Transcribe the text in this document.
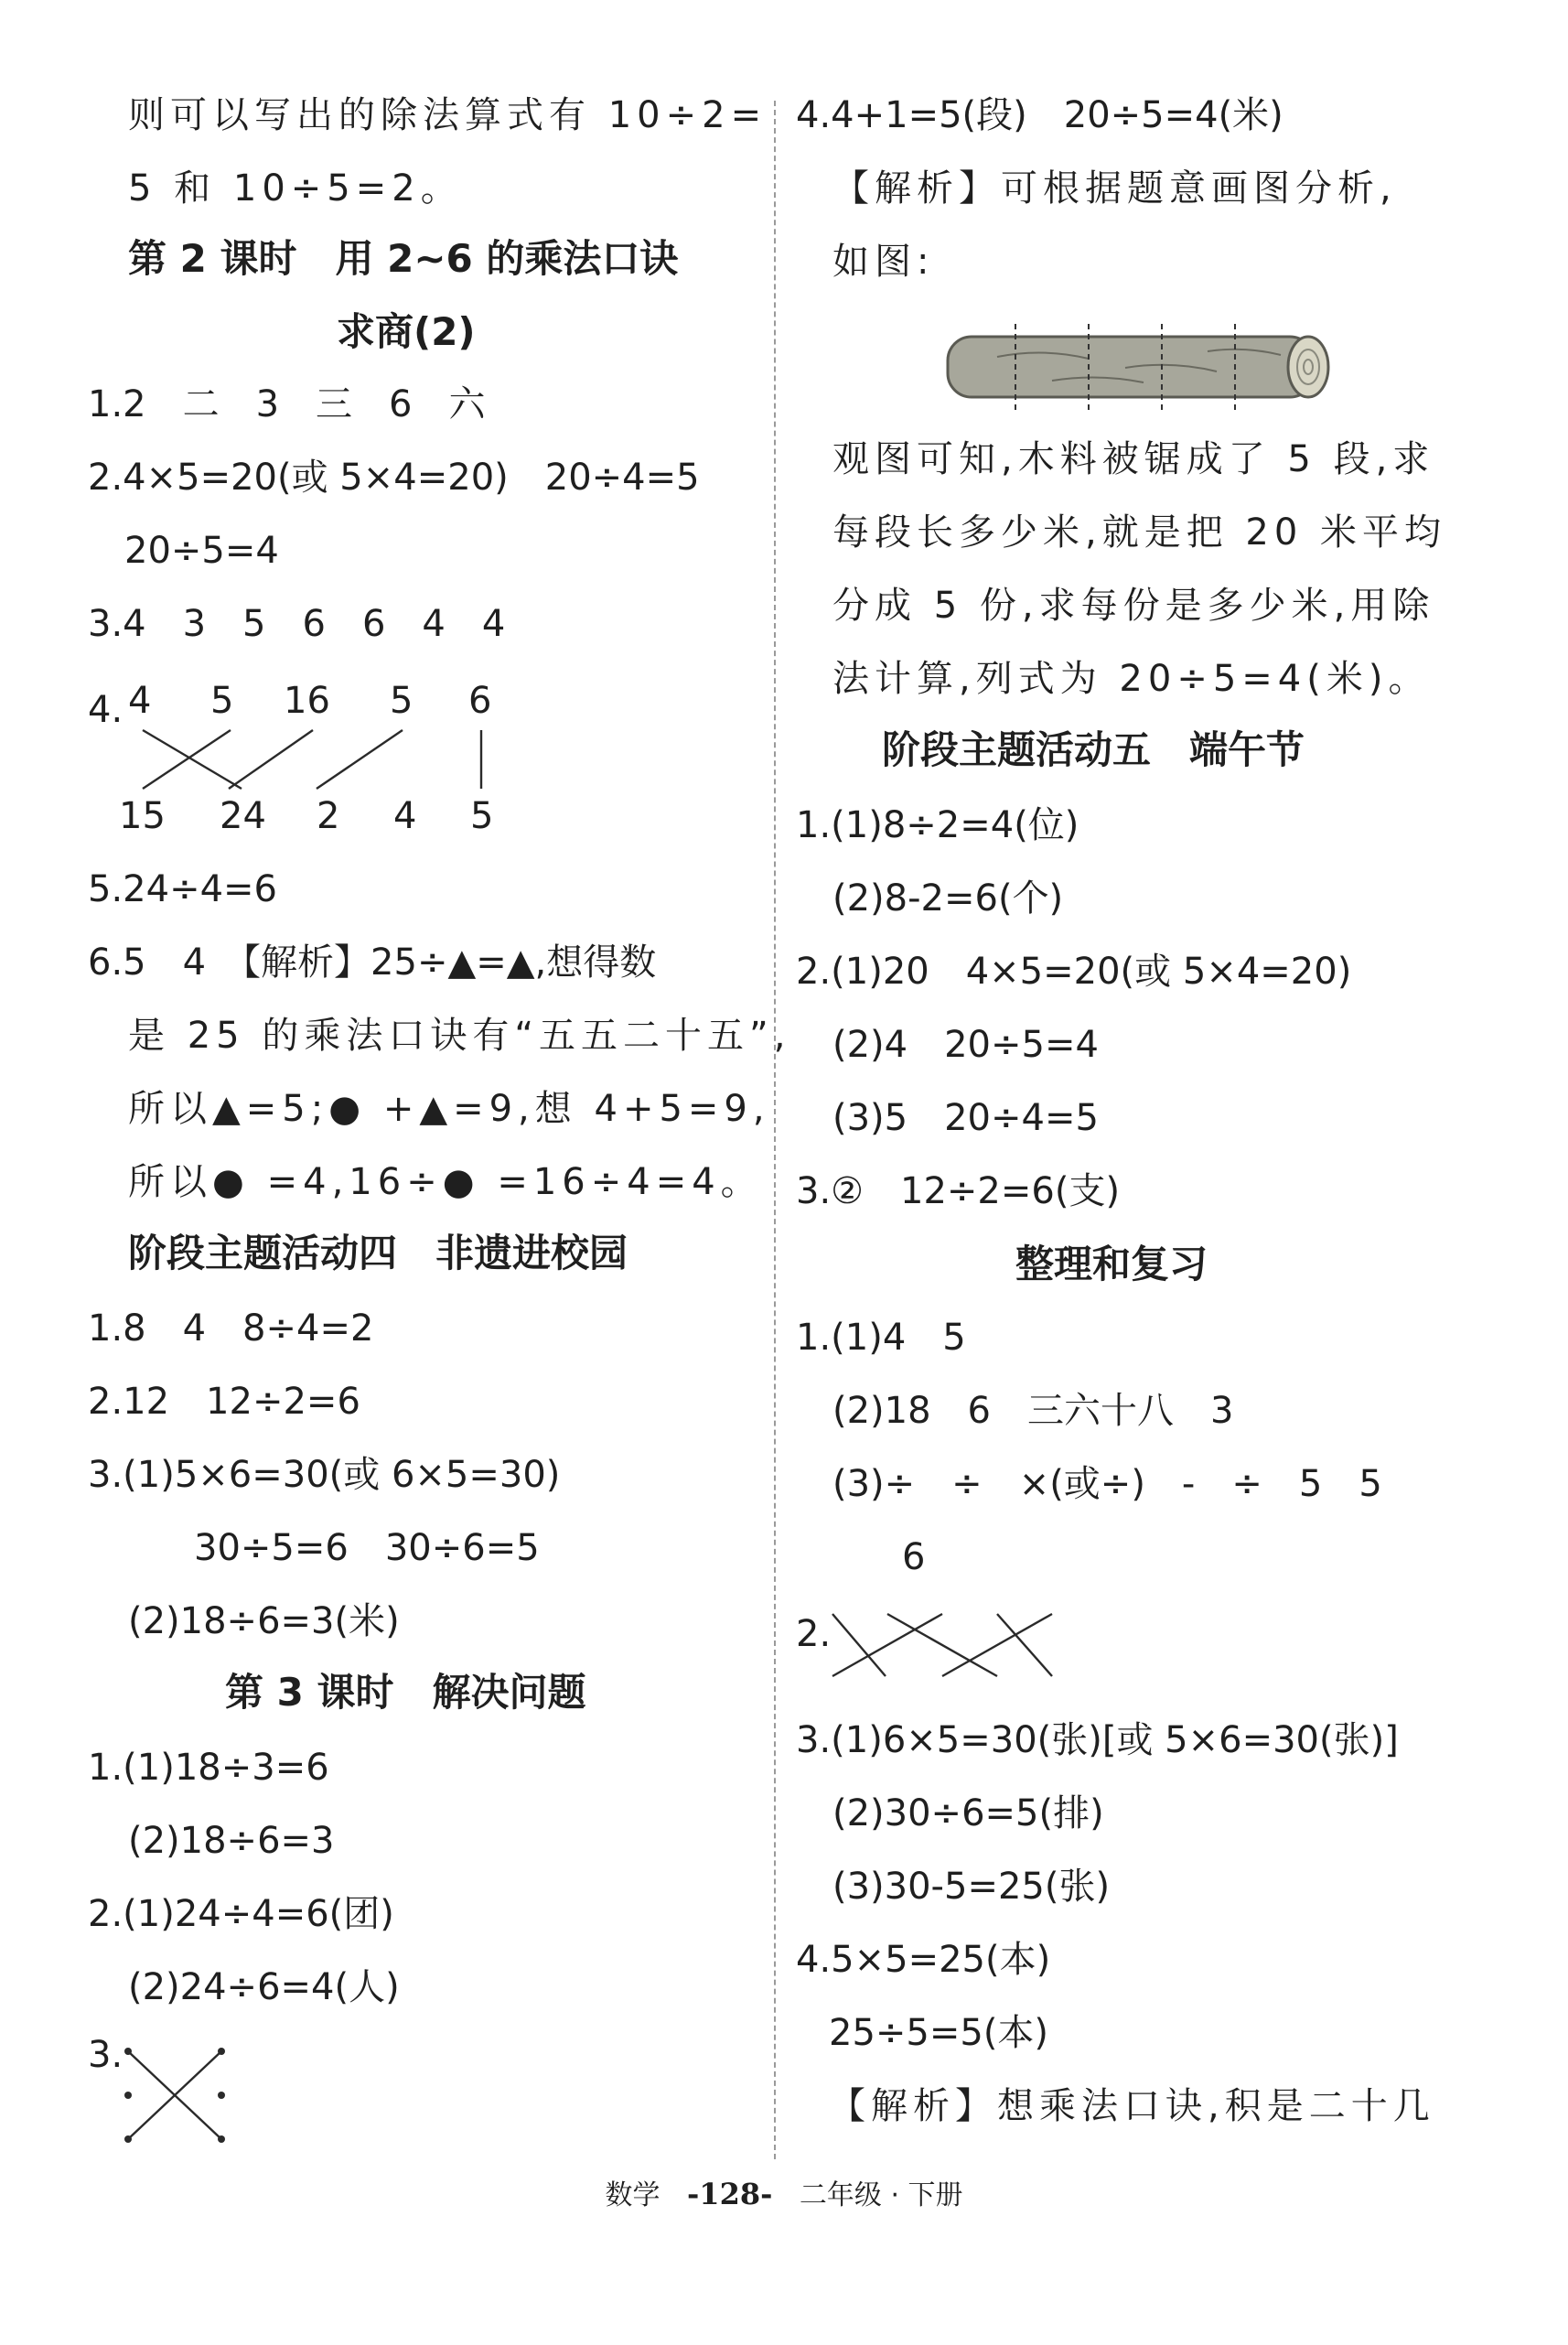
则可以写出的除法算式有 10÷2=
5 和 10÷5=2。
第 2 课时　用 2~6 的乘法口诀
求商(2)
1.2　二　3　三　6　六
2.4×5=20(或 5×4=20)　20÷4=5
20÷5=4
3.4　3　5　6　6　4　4
4. 4 5 16 5 6
15 24 2 4 5
5.24÷4=6
6.5　4　【解析】25÷▲=▲,想得数
是 25 的乘法口诀有“五五二十五”,
所以▲=5;● +▲=9,想 4+5=9,
所以● =4,16÷● =16÷4=4。
阶段主题活动四　非遗进校园
1.8　4　8÷4=2
2.12　12÷2=6
3.(1)5×6=30(或 6×5=30)
30÷5=6　30÷6=5
(2)18÷6=3(米)
第 3 课时　解决问题
1.(1)18÷3=6
(2)18÷6=3
2.(1)24÷4=6(团)
(2)24÷6=4(人)
3.
4.4+1=5(段)　20÷5=4(米)
【解析】可根据题意画图分析,
如图:
观图可知,木料被锯成了 5 段,求
每段长多少米,就是把 20 米平均
分成 5 份,求每份是多少米,用除
法计算,列式为 20÷5=4(米)。
阶段主题活动五　端午节
1.(1)8÷2=4(位)
(2)8-2=6(个)
2.(1)20　4×5=20(或 5×4=20)
(2)4　20÷5=4
(3)5　20÷4=5
3.②　12÷2=6(支)
整理和复习
1.(1)4　5
(2)18　6　三六十八　3
(3)÷　÷　×(或÷)　-　÷　5　5
6
2.
3.(1)6×5=30(张)[或 5×6=30(张)]
(2)30÷6=5(排)
(3)30-5=25(张)
4.5×5=25(本)
25÷5=5(本)
【解析】想乘法口诀,积是二十几
数学 -128- 二年级 · 下册
